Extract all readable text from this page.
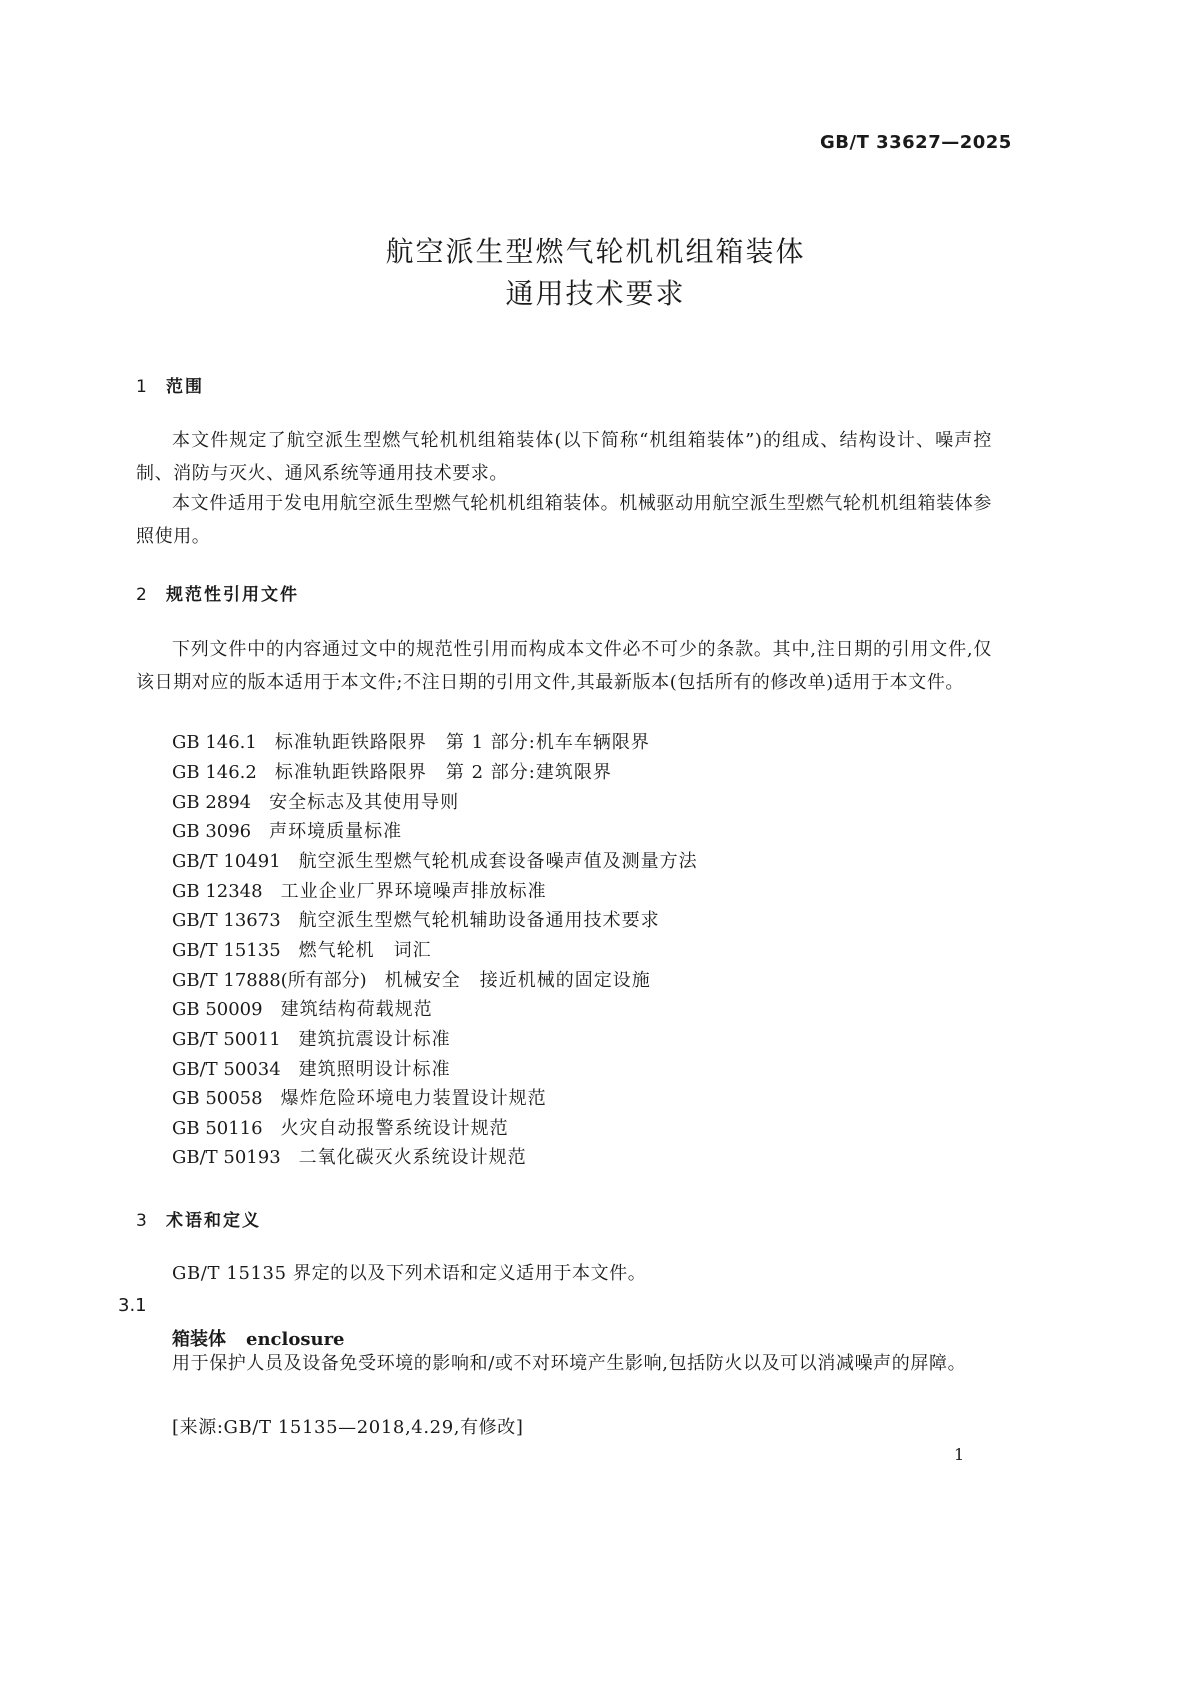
GB/T 33627—2025
航空派生型燃气轮机机组箱装体
通用技术要求
1 范围
本文件规定了航空派生型燃气轮机机组箱装体(以下简称“机组箱装体”)的组成、结构设计、噪声控制、消防与灭火、通风系统等通用技术要求。
本文件适用于发电用航空派生型燃气轮机机组箱装体。机械驱动用航空派生型燃气轮机机组箱装体参照使用。
2 规范性引用文件
下列文件中的内容通过文中的规范性引用而构成本文件必不可少的条款。其中,注日期的引用文件,仅该日期对应的版本适用于本文件;不注日期的引用文件,其最新版本(包括所有的修改单)适用于本文件。
GB 146.1 标准轨距铁路限界　第 1 部分:机车车辆限界
GB 146.2 标准轨距铁路限界　第 2 部分:建筑限界
GB 2894 安全标志及其使用导则
GB 3096 声环境质量标准
GB/T 10491 航空派生型燃气轮机成套设备噪声值及测量方法
GB 12348 工业企业厂界环境噪声排放标准
GB/T 13673 航空派生型燃气轮机辅助设备通用技术要求
GB/T 15135 燃气轮机　词汇
GB/T 17888(所有部分) 机械安全　接近机械的固定设施
GB 50009 建筑结构荷载规范
GB/T 50011 建筑抗震设计标准
GB/T 50034 建筑照明设计标准
GB 50058 爆炸危险环境电力装置设计规范
GB 50116 火灾自动报警系统设计规范
GB/T 50193 二氧化碳灭火系统设计规范
3 术语和定义
GB/T 15135 界定的以及下列术语和定义适用于本文件。
3.1
箱装体 enclosure
用于保护人员及设备免受环境的影响和/或不对环境产生影响,包括防火以及可以消减噪声的屏障。
[来源:GB/T 15135—2018,4.29,有修改]
1
